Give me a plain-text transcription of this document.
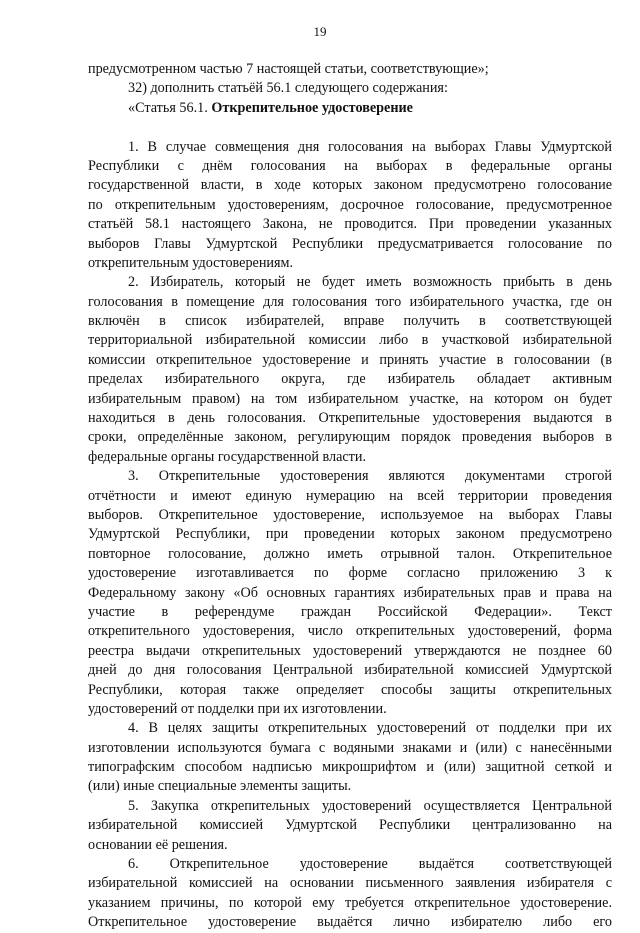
19
предусмотренном частью 7 настоящей статьи, соответствующие»;
32) дополнить статьёй 56.1 следующего содержания:
«Статья 56.1. Открепительное удостоверение
1. В случае совмещения дня голосования на выборах Главы Удмуртской
Республики с днём голосования на выборах в федеральные органы
государственной власти, в ходе которых законом предусмотрено голосование
по открепительным удостоверениям, досрочное голосование, предусмотренное
статьёй 58.1 настоящего Закона, не проводится. При проведении указанных
выборов Главы Удмуртской Республики предусматривается голосование по
открепительным удостоверениям.
2. Избиратель, который не будет иметь возможность прибыть в день
голосования в помещение для голосования того избирательного участка, где он
включён в список избирателей, вправе получить в соответствующей
территориальной избирательной комиссии либо в участковой избирательной
комиссии открепительное удостоверение и принять участие в голосовании (в
пределах избирательного округа, где избиратель обладает активным
избирательным правом) на том избирательном участке, на котором он будет
находиться в день голосования. Открепительные удостоверения выдаются в
сроки, определённые законом, регулирующим порядок проведения выборов в
федеральные органы государственной власти.
3. Открепительные удостоверения являются документами строгой
отчётности и имеют единую нумерацию на всей территории проведения
выборов. Открепительное удостоверение, используемое на выборах Главы
Удмуртской Республики, при проведении которых законом предусмотрено
повторное голосование, должно иметь отрывной талон. Открепительное
удостоверение изготавливается по форме согласно приложению 3 к
Федеральному закону «Об основных гарантиях избирательных прав и права на
участие в референдуме граждан Российской Федерации». Текст
открепительного удостоверения, число открепительных удостоверений, форма
реестра выдачи открепительных удостоверений утверждаются не позднее 60
дней до дня голосования Центральной избирательной комиссией Удмуртской
Республики, которая также определяет способы защиты открепительных
удостоверений от подделки при их изготовлении.
4. В целях защиты открепительных удостоверений от подделки при их
изготовлении используются бумага с водяными знаками и (или) с нанесёнными
типографским способом надписью микрошрифтом и (или) защитной сеткой и
(или) иные специальные элементы защиты.
5. Закупка открепительных удостоверений осуществляется Центральной
избирательной комиссией Удмуртской Республики централизованно на
основании её решения.
6. Открепительное удостоверение выдаётся соответствующей
избирательной комиссией на основании письменного заявления избирателя с
указанием причины, по которой ему требуется открепительное удостоверение.
Открепительное удостоверение выдаётся лично избирателю либо его
